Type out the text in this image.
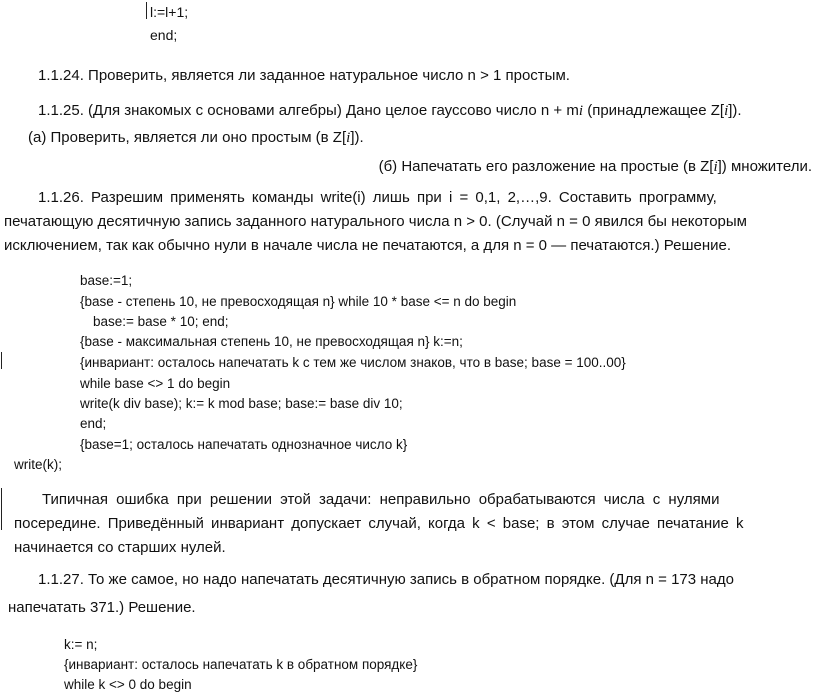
l:=l+1;
end;
1.1.24. Проверить, является ли заданное натуральное число n > 1 простым.
1.1.25. (Для знакомых с основами алгебры) Дано целое гауссово число n + mi (принадлежащее Z[i]).
(а) Проверить, является ли оно простым (в Z[i]).
(б) Напечатать его разложение на простые (в Z[i]) множители.
1.1.26. Разрешим применять команды write(i) лишь при i = 0,1, 2,…,9. Составить программу,
печатающую десятичную запись заданного натурального числа n > 0. (Случай n = 0 явился бы некоторым
исключением, так как обычно нули в начале числа не печатаются, а для n = 0 — печатаются.) Решение.
base:=1;
{base - степень 10, не превосходящая n} while 10 * base <= n do begin
base:= base * 10; end;
{base - максимальная степень 10, не превосходящая n} k:=n;
{инвариант: осталось напечатать k с тем же числом знаков, что в base; base = 100..00}
while base <> 1 do begin
write(k div base); k:= k mod base; base:= base div 10;
end;
{base=1; осталось напечатать однозначное число k}
write(k);
Типичная ошибка при решении этой задачи: неправильно обрабатываются числа с нулями
посередине. Приведённый инвариант допускает случай, когда k < base; в этом случае печатание k
начинается со старших нулей.
1.1.27. То же самое, но надо напечатать десятичную запись в обратном порядке. (Для n = 173 надо
напечатать 371.) Решение.
k:= n;
{инвариант: осталось напечатать k в обратном порядке}
while k <> 0 do begin
